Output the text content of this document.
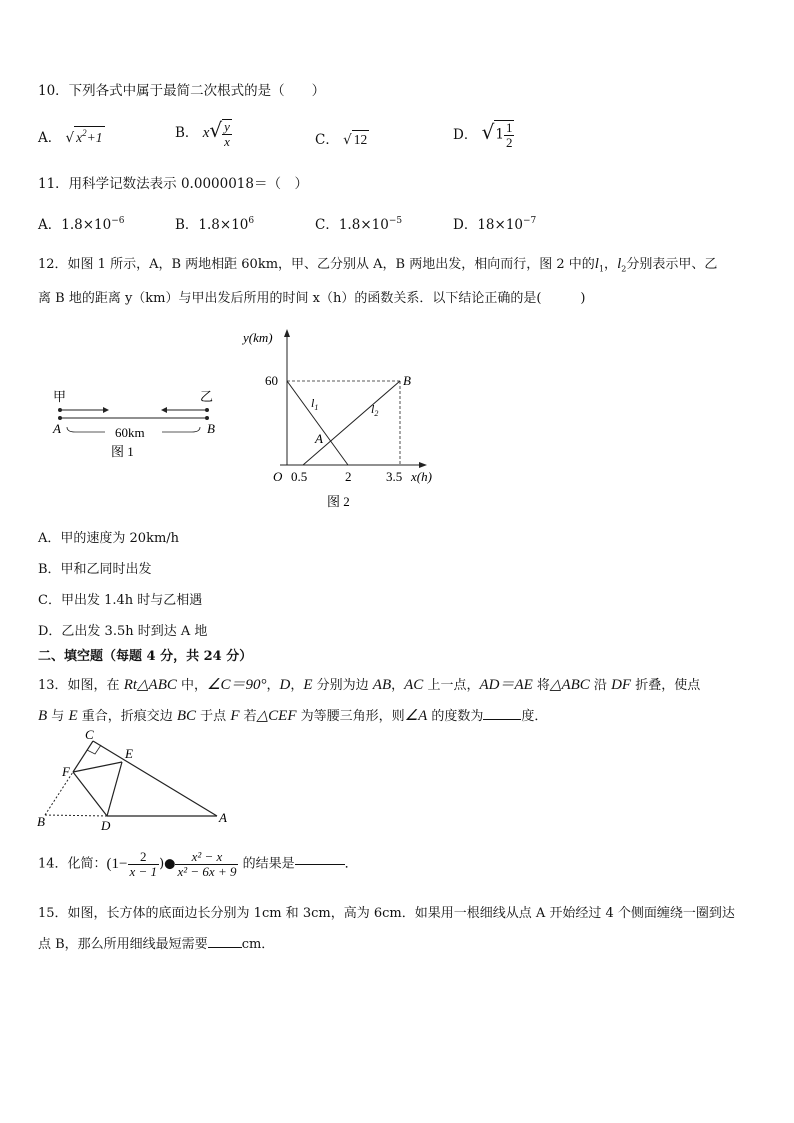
10．下列各式中属于最简二次根式的是（　　）
A． √ $x^2+1$	B． $x√ \frac{y}{x}$	C． √ 12	D． $√1 \frac{1}{2}$
11．用科学记数法表示 0.0000018＝（　）
A．$1.8\times 10^{-6}$	B．$1.8\times 10^6$	C．$1.8\times 10^{-5}$	D．$18\times 10^{-7}$
12．如图 1 所示，A，B 两地相距 60km，甲、乙分别从 A，B 两地出发，相向而行，图 2 中的$l_1$，$l_2$分别表示甲、乙
离 B 地的距离 y（km）与甲出发后所用的时间 x（h）的函数关系．以下结论正确的是(　　　)
甲	乙
A	B
60km
图 1
y(km)
60
O 0.5	2	3.5 x(h)
B
A
$l_1$	$l_2$
图 2
A．甲的速度为 20km/h
B．甲和乙同时出发
C．甲出发 1.4h 时与乙相遇
D．乙出发 3.5h 时到达 A 地
二、填空题（每题 4 分，共 24 分）
13．如图，在 Rt△ABC 中，∠C＝90°，D，E 分别为边 AB，AC 上一点，AD＝AE 将△ABC 沿 DF 折叠，使点
B 与 E 重合，折痕交边 BC 于点 F 若△CEF 为等腰三角形，则∠A 的度数为	度．
C
E
F
B	D
A
14．化简：($1- \frac{2}{x - 1}$ )● $\frac{\text{x² − x}}{\text{x² − 6x + 9}}$ 的结果是	．
15．如图，长方体的底面边长分别为 1cm 和 3cm，高为 6cm．如果用一根细线从点 A 开始经过 4 个侧面缠绕一圈到达
点 B，那么所用细线最短需要	cm．
